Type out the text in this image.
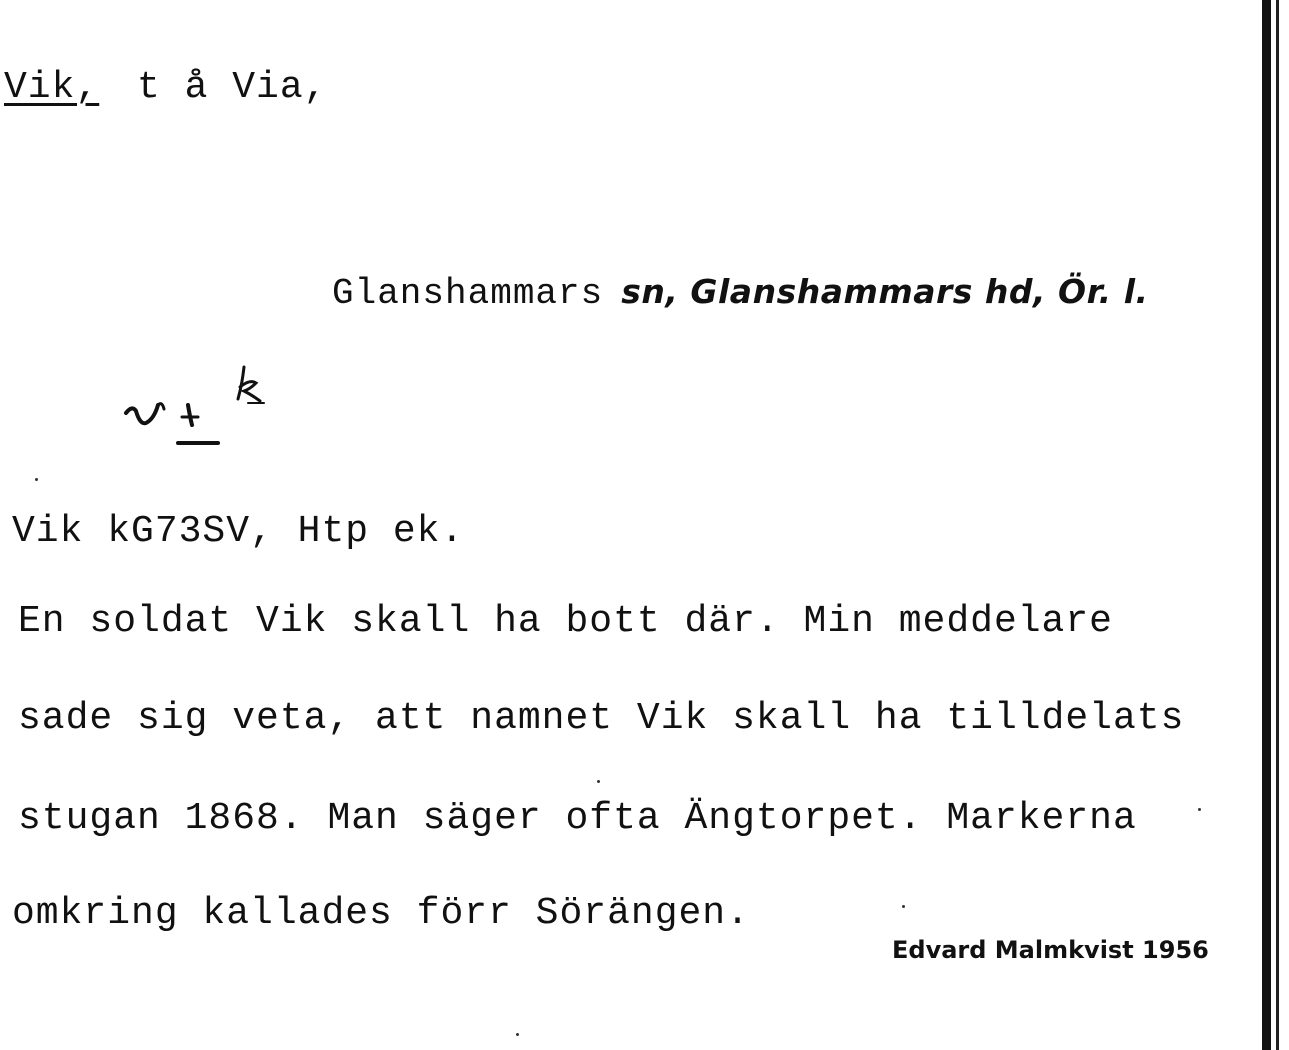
Vik, t å Via,
Glanshammars sn, Glanshammars hd, Ör. l.
Vik kG73SV, Htp ek.
En soldat Vik skall ha bott där. Min meddelare
sade sig veta, att namnet Vik skall ha tilldelats
stugan 1868. Man säger ofta Ängtorpet. Markerna
omkring kallades förr Sörängen.
Edvard Malmkvist 1956
